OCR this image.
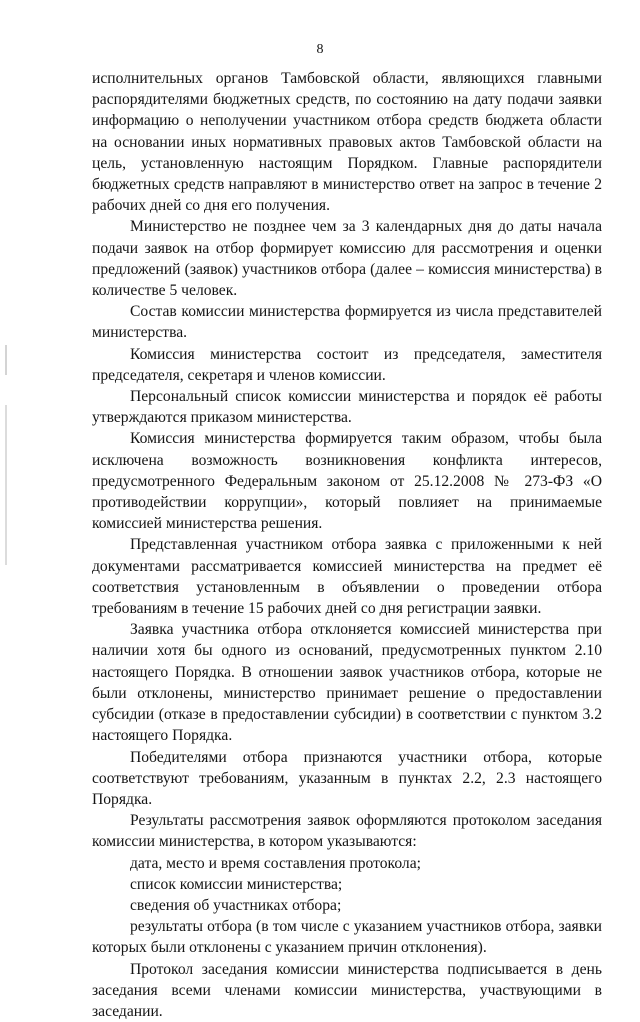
8

исполнительных органов Тамбовской области, являющихся главными распорядителями бюджетных средств, по состоянию на дату подачи заявки информацию о неполучении участником отбора средств бюджета области на основании иных нормативных правовых актов Тамбовской области на цель, установленную настоящим Порядком. Главные распорядители бюджетных средств направляют в министерство ответ на запрос в течение 2 рабочих дней со дня его получения.

Министерство не позднее чем за 3 календарных дня до даты начала подачи заявок на отбор формирует комиссию для рассмотрения и оценки предложений (заявок) участников отбора (далее – комиссия министерства) в количестве 5 человек.

Состав комиссии министерства формируется из числа представителей министерства.

Комиссия министерства состоит из председателя, заместителя председателя, секретаря и членов комиссии.

Персональный список комиссии министерства и порядок её работы утверждаются приказом министерства.

Комиссия министерства формируется таким образом, чтобы была исключена возможность возникновения конфликта интересов, предусмотренного Федеральным законом от 25.12.2008 № 273-ФЗ «О противодействии коррупции», который повлияет на принимаемые комиссией министерства решения.

Представленная участником отбора заявка с приложенными к ней документами рассматривается комиссией министерства на предмет её соответствия установленным в объявлении о проведении отбора требованиям в течение 15 рабочих дней со дня регистрации заявки.

Заявка участника отбора отклоняется комиссией министерства при наличии хотя бы одного из оснований, предусмотренных пунктом 2.10 настоящего Порядка. В отношении заявок участников отбора, которые не были отклонены, министерство принимает решение о предоставлении субсидии (отказе в предоставлении субсидии) в соответствии с пунктом 3.2 настоящего Порядка.

Победителями отбора признаются участники отбора, которые соответствуют требованиям, указанным в пунктах 2.2, 2.3 настоящего Порядка.

Результаты рассмотрения заявок оформляются протоколом заседания комиссии министерства, в котором указываются:

дата, место и время составления протокола;

список комиссии министерства;

сведения об участниках отбора;

результаты отбора (в том числе с указанием участников отбора, заявки которых были отклонены с указанием причин отклонения).

Протокол заседания комиссии министерства подписывается в день заседания всеми членами комиссии министерства, участвующими в заседании.
